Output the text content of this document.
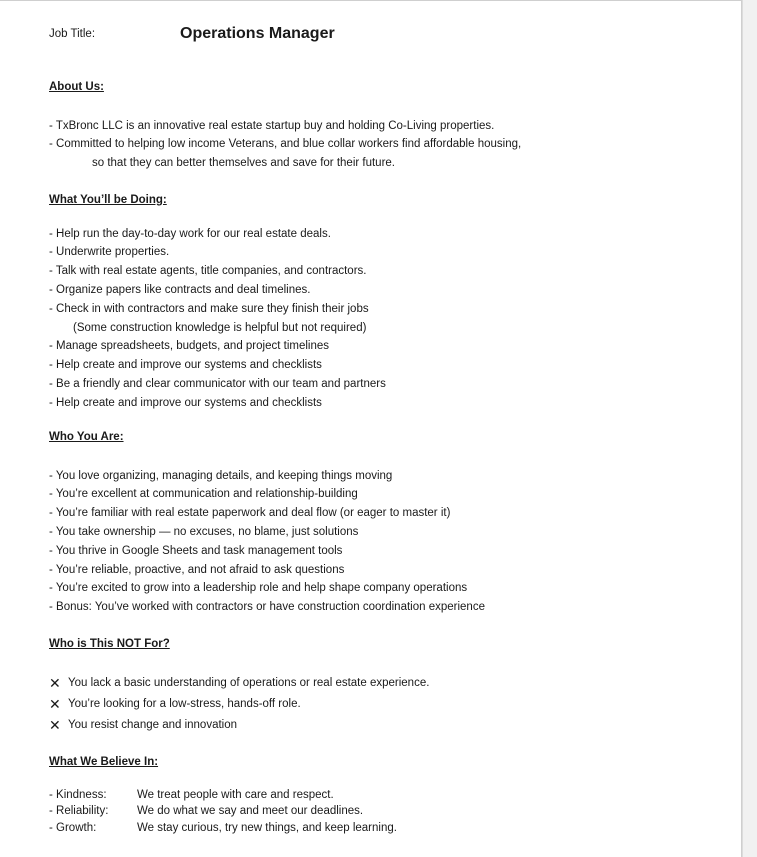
Job Title:	Operations Manager
About Us:
- TxBronc LLC is an innovative real estate startup buy and holding Co-Living properties.
- Committed to helping low income Veterans, and blue collar workers find affordable housing,
so that they can better themselves and save for their future.
What You’ll be Doing:
- Help run the day-to-day work for our real estate deals.
- Underwrite properties.
- Talk with real estate agents, title companies, and contractors.
- Organize papers like contracts and deal timelines.
- Check in with contractors and make sure they finish their jobs
(Some construction knowledge is helpful but not required)
- Manage spreadsheets, budgets, and project timelines
- Help create and improve our systems and checklists
- Be a friendly and clear communicator with our team and partners
- Help create and improve our systems and checklists
Who You Are:
- You love organizing, managing details, and keeping things moving
- You’re excellent at communication and relationship-building
- You’re familiar with real estate paperwork and deal flow (or eager to master it)
- You take ownership — no excuses, no blame, just solutions
- You thrive in Google Sheets and task management tools
- You’re reliable, proactive, and not afraid to ask questions
- You’re excited to grow into a leadership role and help shape company operations
- Bonus: You’ve worked with contractors or have construction coordination experience
Who is This NOT For?
✕ You lack a basic understanding of operations or real estate experience.
✕ You’re looking for a low-stress, hands-off role.
✕ You resist change and innovation
What We Believe In:
- Kindness:	We treat people with care and respect.
- Reliability: We do what we say and meet our deadlines.
- Growth:	We stay curious, try new things, and keep learning.
